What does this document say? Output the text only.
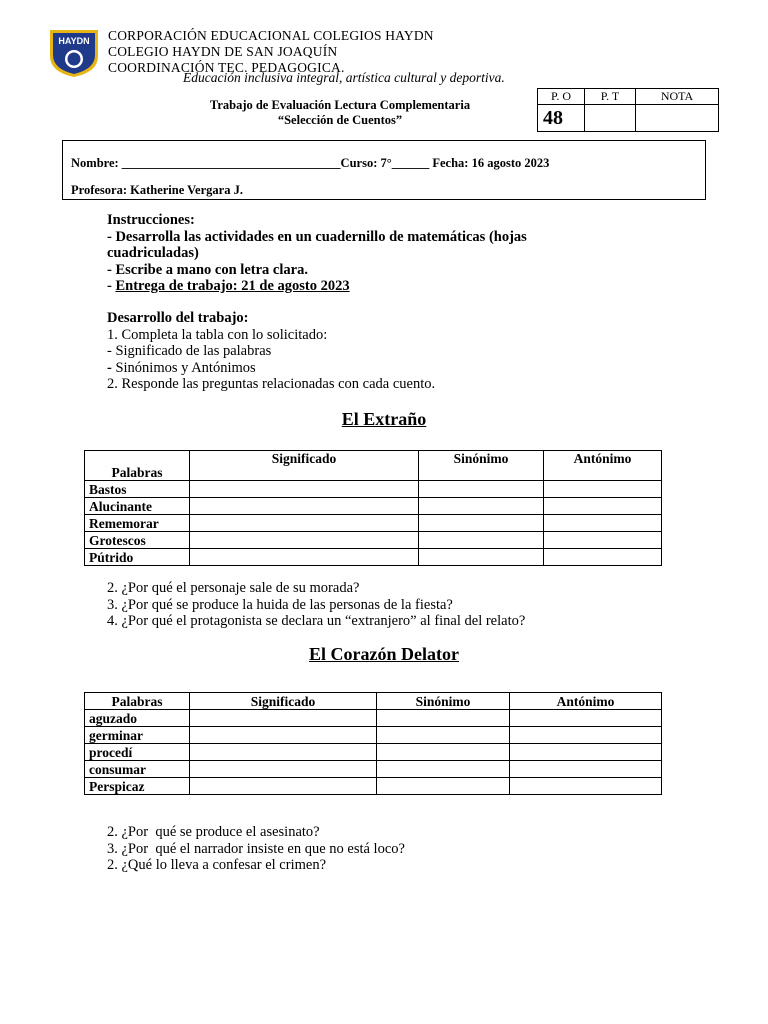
HAYDN CORPORACIÓN EDUCACIONAL COLEGIOS HAYDN
COLEGIO HAYDN DE SAN JOAQUÍN
COORDINACIÓN TEC. PEDAGOGICA.
Educación inclusiva integral, artística cultural y deportiva.
Trabajo de Evaluación Lectura Complementaria
“Selección de Cuentos”
P. O	P. T	NOTA
48		
Nombre: ___________________________________Curso: 7°______ Fecha: 16 agosto 2023
Profesora: Katherine Vergara J.
Instrucciones:
- Desarrolla las actividades en un cuadernillo de matemáticas (hojas
cuadriculadas)
- Escribe a mano con letra clara.
- Entrega de trabajo: 21 de agosto 2023
Desarrollo del trabajo:
1. Completa la tabla con lo solicitado:
- Significado de las palabras
- Sinónimos y Antónimos
2. Responde las preguntas relacionadas con cada cuento.
El Extraño
Palabras	Significado	Sinónimo	Antónimo
Bastos			
Alucinante			
Rememorar			
Grotescos			
Pútrido			
2. ¿Por qué el personaje sale de su morada?
3. ¿Por qué se produce la huida de las personas de la fiesta?
4. ¿Por qué el protagonista se declara un “extranjero” al final del relato?
El Corazón Delator
Palabras	Significado	Sinónimo	Antónimo
aguzado			
germinar			
procedí			
consumar			
Perspicaz			
2. ¿Por  qué se produce el asesinato?
3. ¿Por  qué el narrador insiste en que no está loco?
2. ¿Qué lo lleva a confesar el crimen?
